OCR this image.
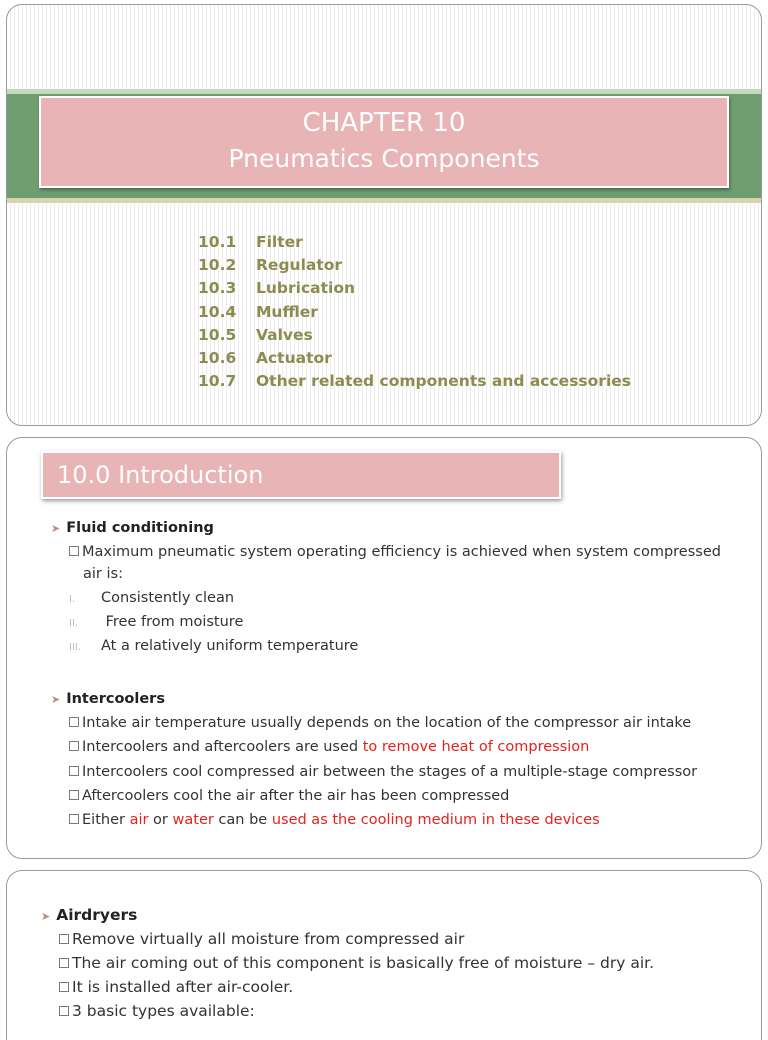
CHAPTER 10
Pneumatics Components
10.1 Filter
10.2 Regulator
10.3 Lubrication
10.4 Muffler
10.5 Valves
10.6 Actuator
10.7 Other related components and accessories
10.0 Introduction
➤ Fluid conditioning
Maximum pneumatic system operating efficiency is achieved when system compressed
air is:
I. Consistently clean
II. Free from moisture
III. At a relatively uniform temperature
➤ Intercoolers
Intake air temperature usually depends on the location of the compressor air intake
Intercoolers and aftercoolers are used to remove heat of compression
Intercoolers cool compressed air between the stages of a multiple-stage compressor
Aftercoolers cool the air after the air has been compressed
Either air or water can be used as the cooling medium in these devices
➤ Airdryers
Remove virtually all moisture from compressed air
The air coming out of this component is basically free of moisture – dry air.
It is installed after air-cooler.
3 basic types available:
